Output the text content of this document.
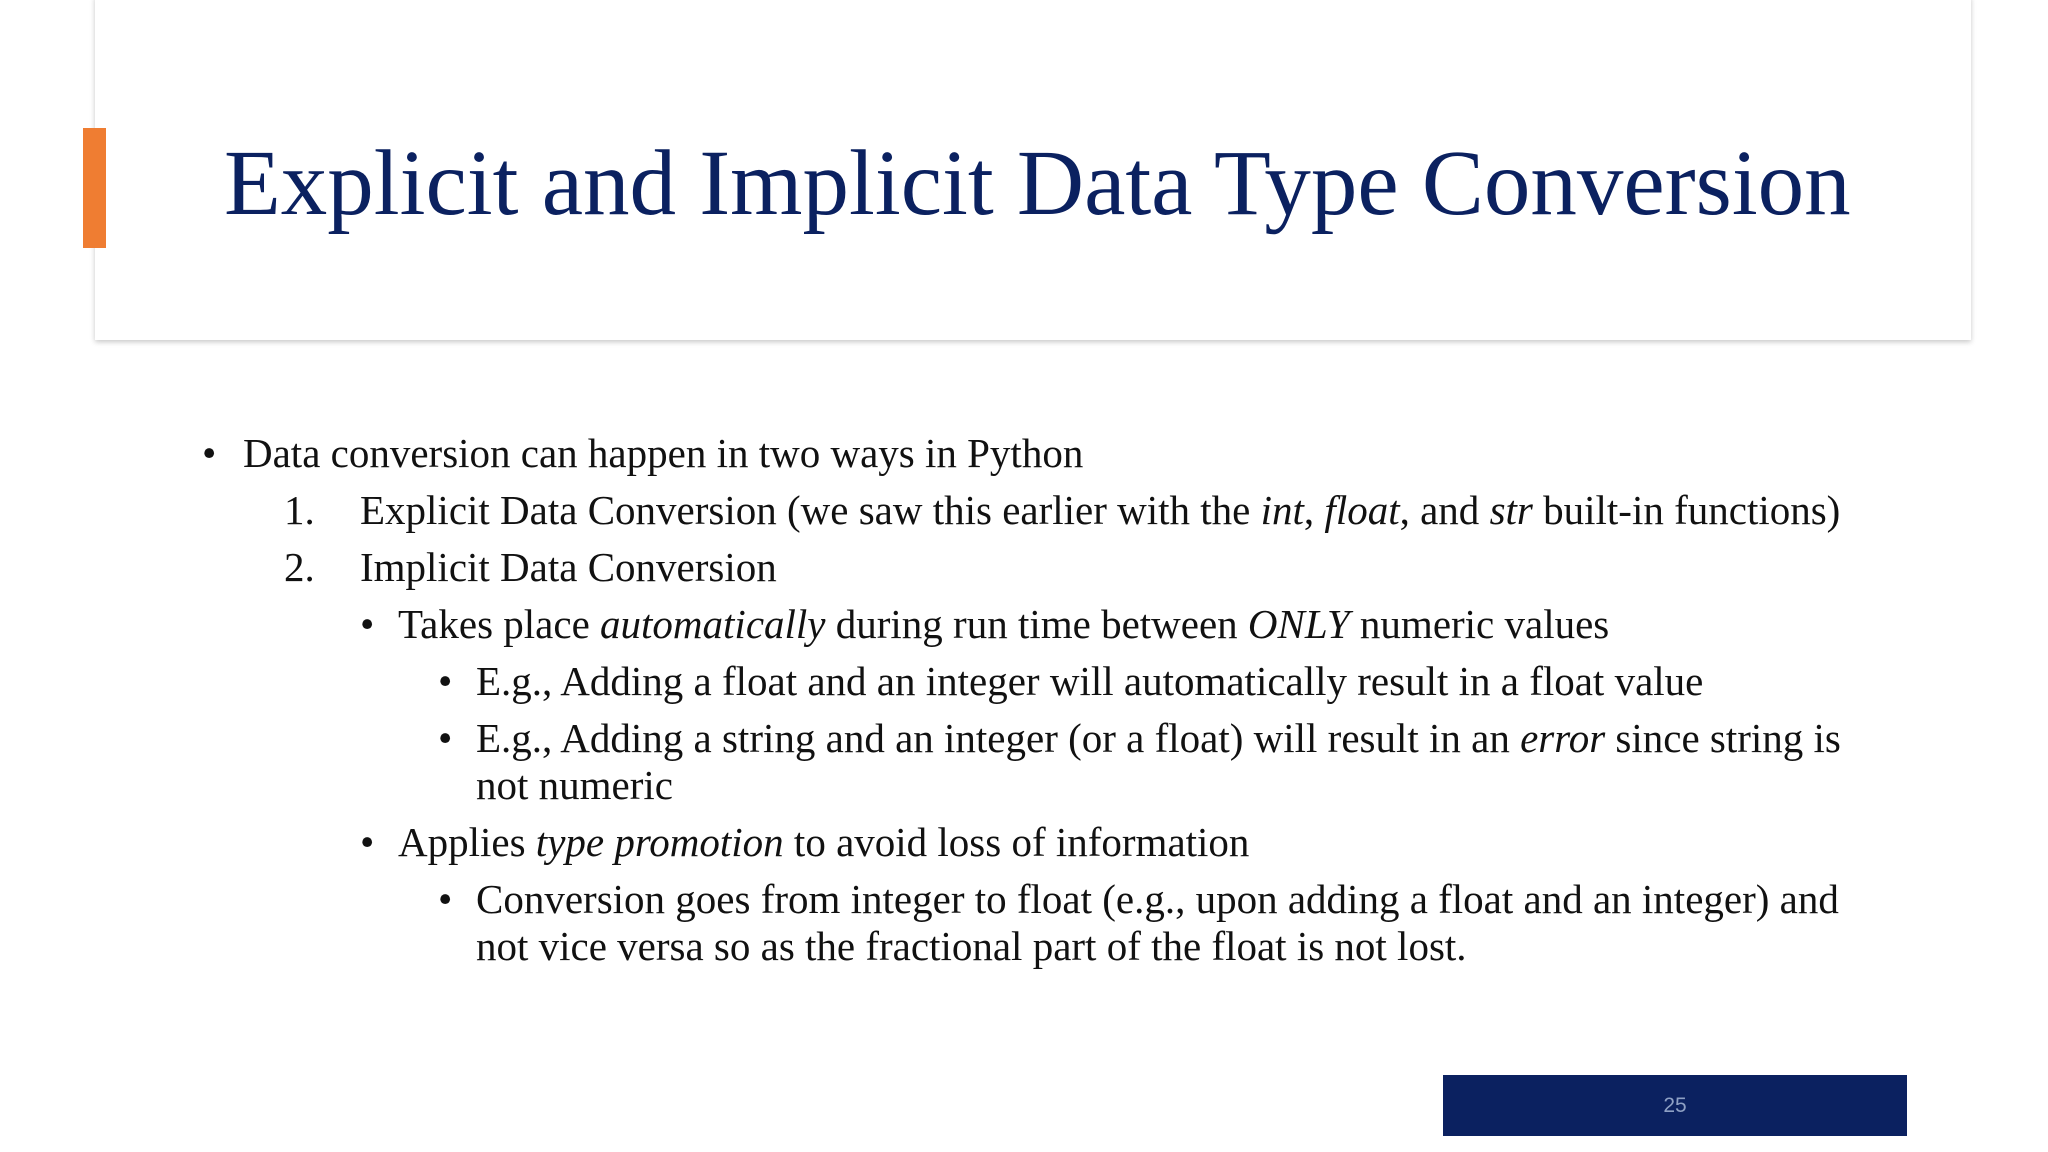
Explicit and Implicit Data Type Conversion
• Data conversion can happen in two ways in Python
1. Explicit Data Conversion (we saw this earlier with the int, float, and str built-in functions)
2. Implicit Data Conversion
• Takes place automatically during run time between ONLY numeric values
• E.g., Adding a float and an integer will automatically result in a float value
• E.g., Adding a string and an integer (or a float) will result in an error since string is
not numeric
• Applies type promotion to avoid loss of information
• Conversion goes from integer to float (e.g., upon adding a float and an integer) and
not vice versa so as the fractional part of the float is not lost.
25
